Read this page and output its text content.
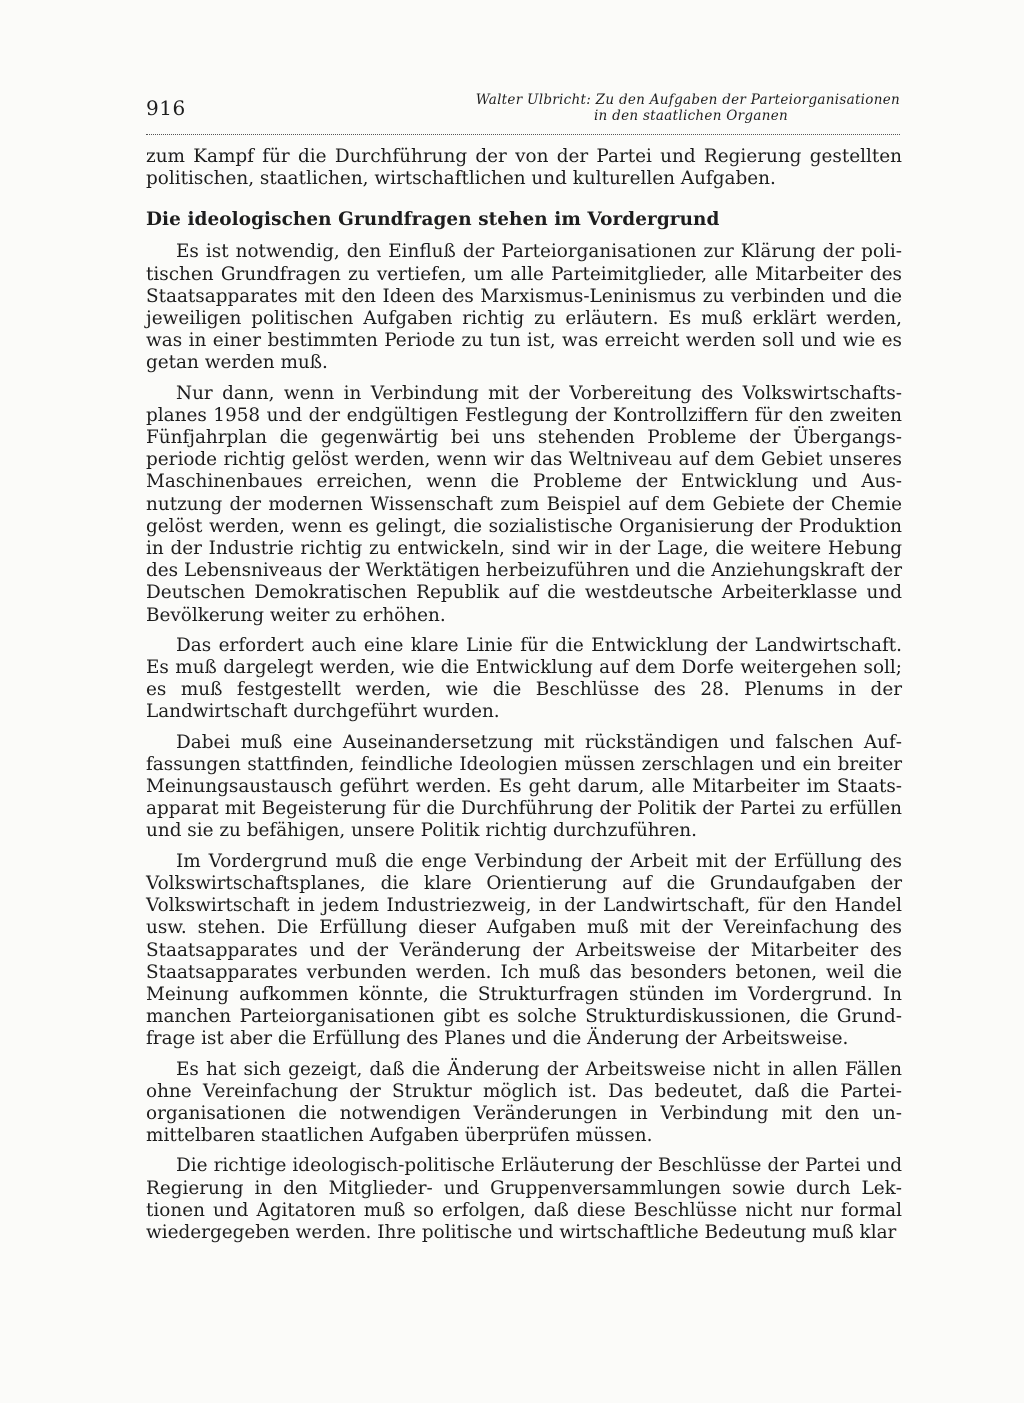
916	Walter Ulbricht: Zu den Aufgaben der Parteiorganisationen
in den staatlichen Organen

zum Kampf für die Durchführung der von der Partei und Regierung gestellten politischen, staatlichen, wirtschaftlichen und kulturellen Aufgaben.

Die ideologischen Grundfragen stehen im Vordergrund

Es ist notwendig, den Einfluß der Parteiorganisationen zur Klärung der politischen Grundfragen zu vertiefen, um alle Parteimitglieder, alle Mitarbeiter des Staatsapparates mit den Ideen des Marxismus-Leninismus zu verbinden und die jeweiligen politischen Aufgaben richtig zu erläutern. Es muß erklärt werden, was in einer bestimmten Periode zu tun ist, was erreicht werden soll und wie es getan werden muß.

Nur dann, wenn in Verbindung mit der Vorbereitung des Volkswirtschaftsplanes 1958 und der endgültigen Festlegung der Kontrollziffern für den zweiten Fünfjahrplan die gegenwärtig bei uns stehenden Probleme der Übergangsperiode richtig gelöst werden, wenn wir das Weltniveau auf dem Gebiet unseres Maschinenbaues erreichen, wenn die Probleme der Entwicklung und Ausnutzung der modernen Wissenschaft zum Beispiel auf dem Gebiete der Chemie gelöst werden, wenn es gelingt, die sozialistische Organisierung der Produktion in der Industrie richtig zu entwickeln, sind wir in der Lage, die weitere Hebung des Lebensniveaus der Werktätigen herbeizuführen und die Anziehungskraft der Deutschen Demokratischen Republik auf die westdeutsche Arbeiterklasse und Bevölkerung weiter zu erhöhen.

Das erfordert auch eine klare Linie für die Entwicklung der Landwirtschaft. Es muß dargelegt werden, wie die Entwicklung auf dem Dorfe weitergehen soll; es muß festgestellt werden, wie die Beschlüsse des 28. Plenums in der Landwirtschaft durchgeführt wurden.

Dabei muß eine Auseinandersetzung mit rückständigen und falschen Auffassungen stattfinden, feindliche Ideologien müssen zerschlagen und ein breiter Meinungsaustausch geführt werden. Es geht darum, alle Mitarbeiter im Staatsapparat mit Begeisterung für die Durchführung der Politik der Partei zu erfüllen und sie zu befähigen, unsere Politik richtig durchzuführen.

Im Vordergrund muß die enge Verbindung der Arbeit mit der Erfüllung des Volkswirtschaftsplanes, die klare Orientierung auf die Grundaufgaben der Volkswirtschaft in jedem Industriezweig, in der Landwirtschaft, für den Handel usw. stehen. Die Erfüllung dieser Aufgaben muß mit der Vereinfachung des Staatsapparates und der Veränderung der Arbeitsweise der Mitarbeiter des Staatsapparates verbunden werden. Ich muß das besonders betonen, weil die Meinung aufkommen könnte, die Strukturfragen stünden im Vordergrund. In manchen Parteiorganisationen gibt es solche Strukturdiskussionen, die Grundfrage ist aber die Erfüllung des Planes und die Änderung der Arbeitsweise.

Es hat sich gezeigt, daß die Änderung der Arbeitsweise nicht in allen Fällen ohne Vereinfachung der Struktur möglich ist. Das bedeutet, daß die Parteiorganisationen die notwendigen Veränderungen in Verbindung mit den unmittelbaren staatlichen Aufgaben überprüfen müssen.

Die richtige ideologisch-politische Erläuterung der Beschlüsse der Partei und Regierung in den Mitglieder- und Gruppenversammlungen sowie durch Lektionen und Agitatoren muß so erfolgen, daß diese Beschlüsse nicht nur formal wiedergegeben werden. Ihre politische und wirtschaftliche Bedeutung muß klar
